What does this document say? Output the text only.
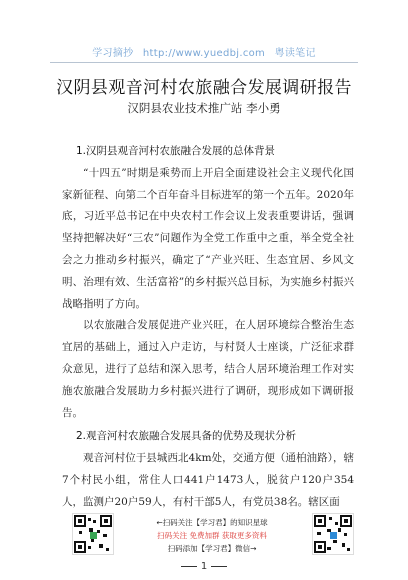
学习摘抄 http://www.yuedbj.com 粤读笔记
汉阴县观音河村农旅融合发展调研报告
汉阴县农业技术推广站 李小勇

1.汉阴县观音河村农旅融合发展的总体背景

“十四五”时期是乘势而上开启全面建设社会主义现代化国家新征程、向第二个百年奋斗目标进军的第一个五年。2020年底，习近平总书记在中央农村工作会议上发表重要讲话，强调坚持把解决好“三农”问题作为全党工作重中之重，举全党全社会之力推动乡村振兴，确定了“产业兴旺、生态宜居、乡风文明、治理有效、生活富裕”的乡村振兴总目标，为实施乡村振兴战略指明了方向。

以农旅融合发展促进产业兴旺，在人居环境综合整治生态宜居的基础上，通过入户走访，与村贤人士座谈，广泛征求群众意见，进行了总结和深入思考，结合人居环境治理工作对实施农旅融合发展助力乡村振兴进行了调研，现形成如下调研报告。

2.观音河村农旅融合发展具备的优势及现状分析

观音河村位于县城西北4km处，交通方便（通柏油路），辖7个村民小组，常住人口441户1473人，脱贫户120户354人，监测户20户59人，有村干部5人，有党员38名。辖区面

←扫码关注【学习君】的知识星球
扫码关注 免费加群 获取更多资料
扫码添加【学习君】微信→
1
